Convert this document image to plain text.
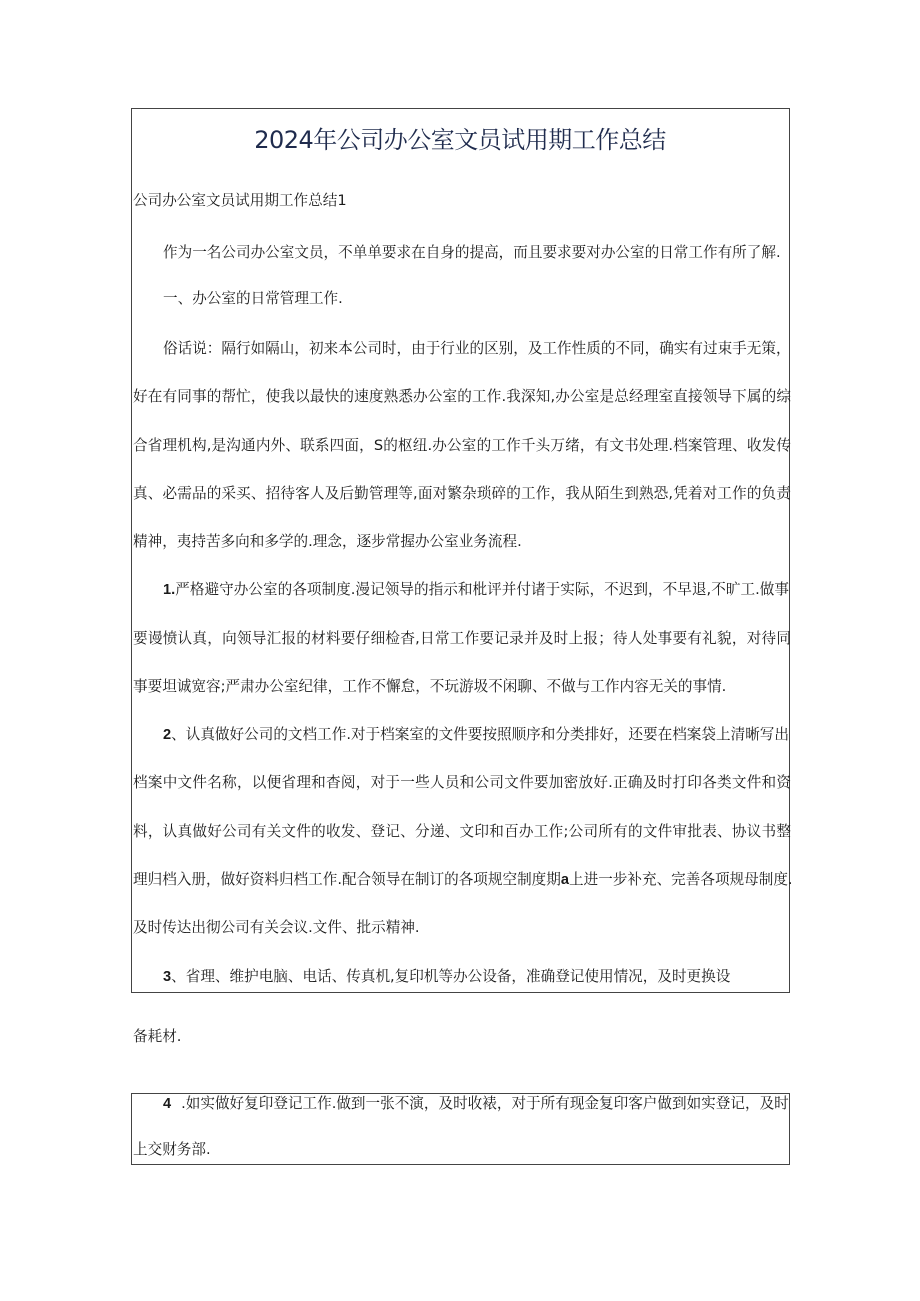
2024年公司办公室文员试用期工作总结

公司办公室文员试用期工作总结1

作为一名公司办公室文员，不单单要求在自身的提高，而且要求要对办公室的日常工作有所了解.

一、办公室的日常管理工作.

俗话说：隔行如隔山，初来本公司时，由于行业的区别，及工作性质的不同，确实有过束手无策，

好在有同事的帮忙，使我以最快的速度熟悉办公室的工作.我深知,办公室是总经理室直接领导下属的综

合省理机构,是沟通内外、联系四面，S的枢纽.办公室的工作千头万绪，有文书处理.档案管理、收发传

真、必需品的采买、招待客人及后勤管理等,面对繁杂琐碎的工作，我从陌生到熟恐,凭着对工作的负责

精神，夷持苦多向和多学的.理念，逐步常握办公室业务流程.

1.严格避守办公室的各项制度.漫记领导的指示和枇评并付诸于实际，不迟到，不早退,不旷工.做事

要谩愤认真，向领导汇报的材料要仔细检杳,日常工作要记录并及时上报；待人处事要有礼貌，对待同

事要坦诚宽容;严肃办公室纪律，工作不懈怠，不玩游圾不闲聊、不做与工作内容无关的事情.

2、认真做好公司的文档工作.对于档案室的文件要按照顺序和分类排好，还要在档案袋上清晰写出

档案中文件名称，以便省理和杳阅，对于一些人员和公司文件要加密放好.正确及时打印各类文件和资

料，认真做好公司有关文件的收发、登记、分递、文印和百办工作;公司所有的文件审批表、协议书整

理归档入册，做好资料归档工作.配合领导在制订的各项规空制度期a上进一步补充、完善各项规母制度.

及时传达出彻公司有关会议.文件、批示精神.

3、省理、维护电脑、电话、传真机,复印机等办公设备，准确登记使用情况，及时更换设

备耗材.

4 .如实做好复印登记工作.做到一张不演，及时收裱，对于所有现金复印客户做到如实登记，及时

上交财务部.
